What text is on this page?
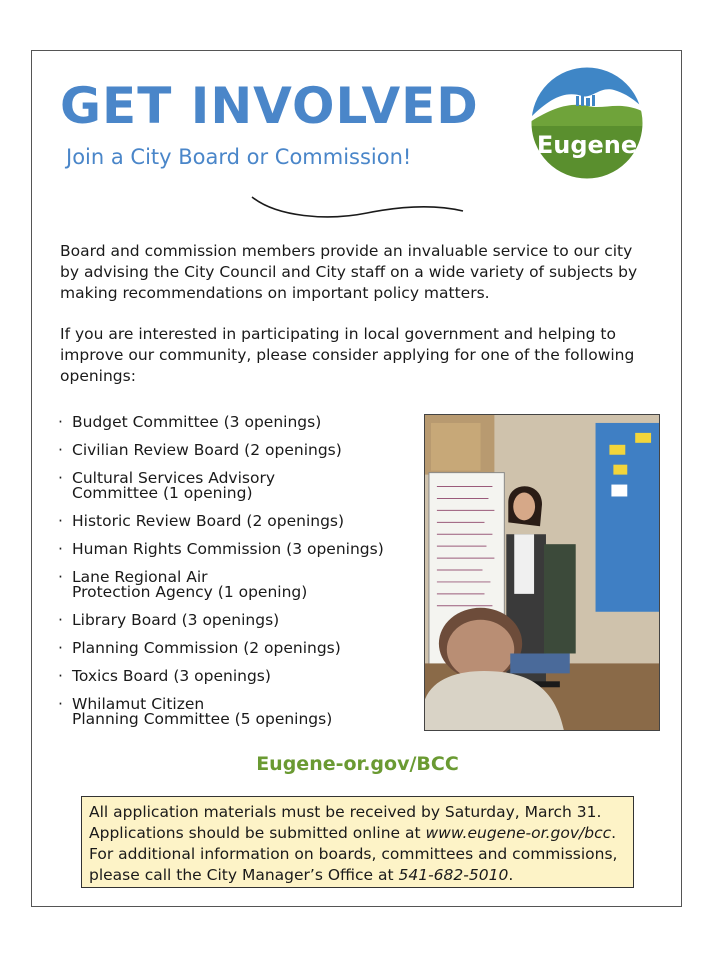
GET INVOLVED
Join a City Board or Commission!	Eugene

Board and commission members provide an invaluable service to our city by advising the City Council and City staff on a wide variety of subjects by making recommendations on important policy matters.

If you are interested in participating in local government and helping to improve our community, please consider applying for one of the following openings:

· Budget Committee (3 openings)
· Civilian Review Board (2 openings)
· Cultural Services Advisory
Committee (1 opening)
· Historic Review Board (2 openings)
· Human Rights Commission (3 openings)
· Lane Regional Air
Protection Agency (1 opening)
· Library Board (3 openings)
· Planning Commission (2 openings)
· Toxics Board (3 openings)
· Whilamut Citizen
Planning Committee (5 openings)
Eugene-or.gov/BCC
All application materials must be received by Saturday, March 31.
Applications should be submitted online at www.eugene-or.gov/bcc.
For additional information on boards, committees and commissions,
please call the City Manager’s Office at 541-682-5010.
